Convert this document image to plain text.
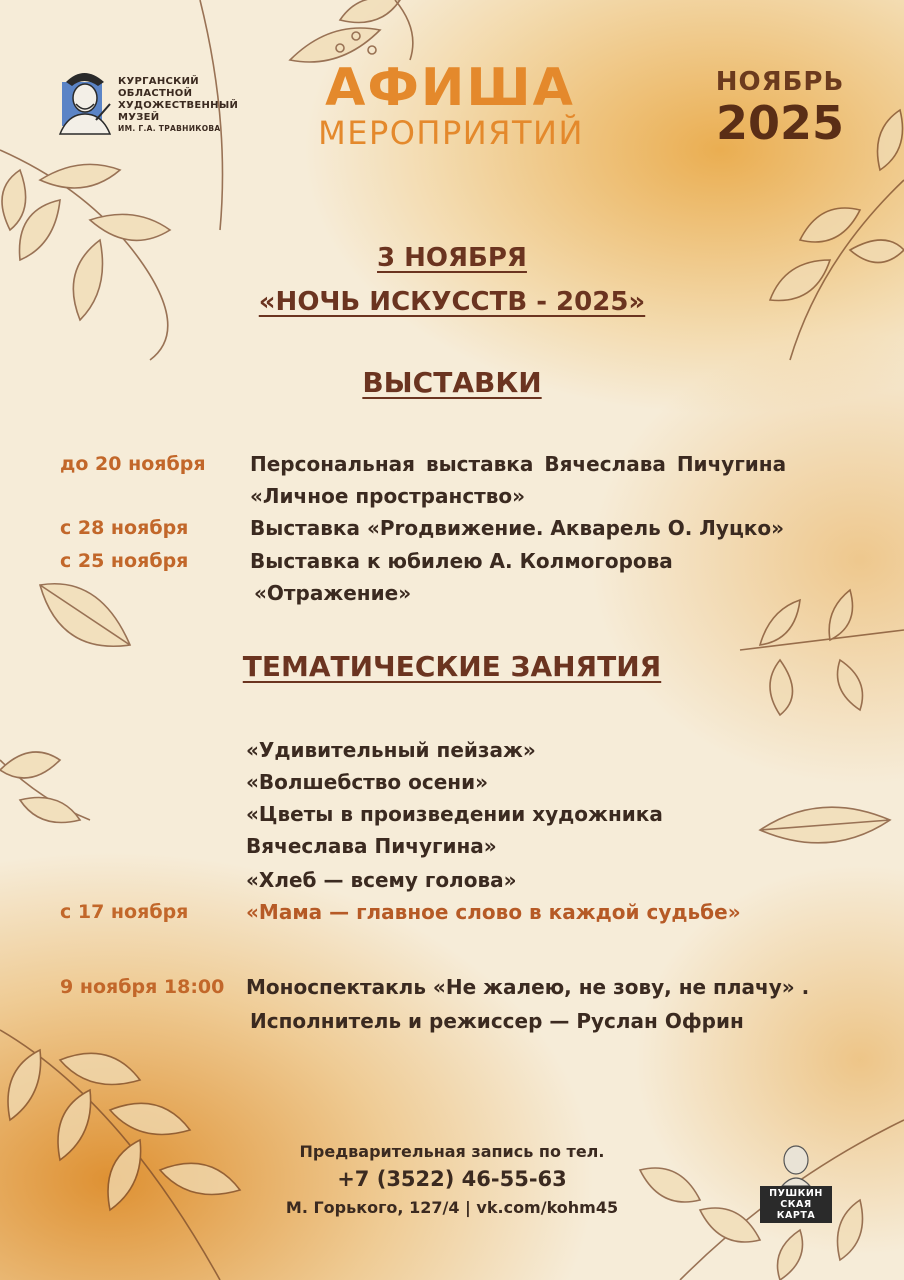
КУРГАНСКИЙ
ОБЛАСТНОЙ
ХУДОЖЕСТВЕННЫЙ
МУЗЕЙ
ИМ. Г.А. ТРАВНИКОВА
АФИША
МЕРОПРИЯТИЙ
НОЯБРЬ
2025
3 НОЯБРЯ
«НОЧЬ ИСКУССТВ - 2025»
ВЫСТАВКИ
до 20 ноября Персональная выставка Вячеслава Пичугина
«Личное пространство»
с 28 ноября	Выставка «Prодвижение. Акварель О. Луцко»
с 25 ноября	Выставка к юбилею А. Колмогорова
«Отражение»
ТЕМАТИЧЕСКИЕ ЗАНЯТИЯ
«Удивительный пейзаж»
«Волшебство осени»
«Цветы в произведении художника
Вячеслава Пичугина»
«Хлеб — всему голова»
с 17 ноября	«Мама — главное слово в каждой судьбе»
9 ноября 18:00 Моноспектакль «Не жалею, не зову, не плачу» .
Исполнитель и режиссер — Руслан Офрин
Предварительная запись по тел.
+7 (3522) 46-55-63
М. Горького, 127/4 | vk.com/kohm45
ПУШКИН
СКАЯ
КАРТА
